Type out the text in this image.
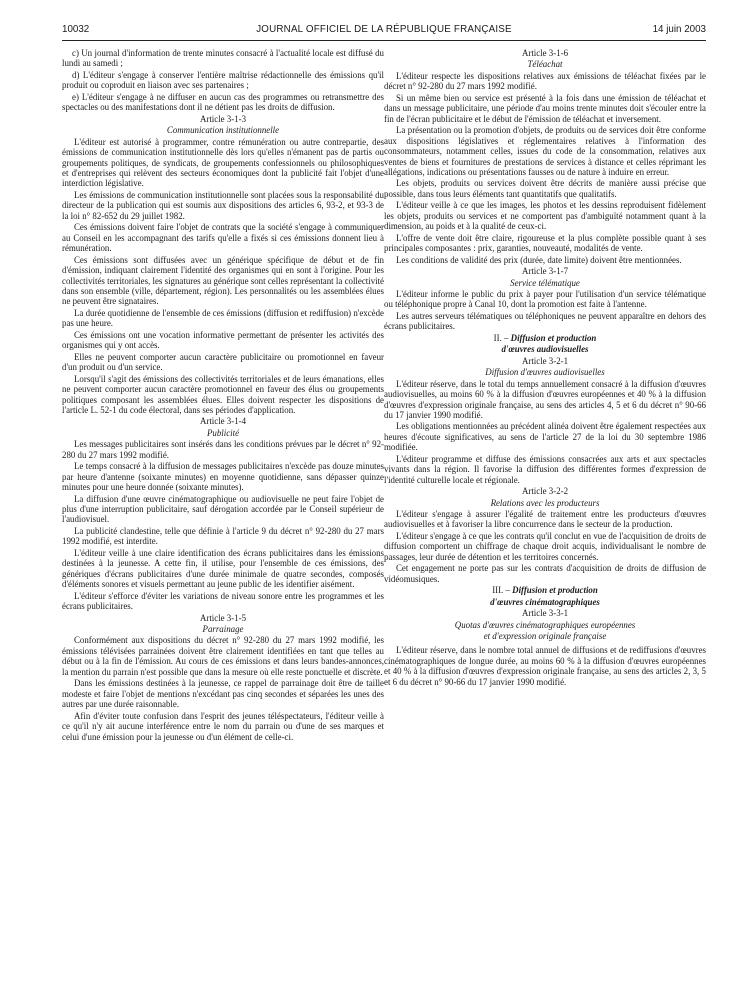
10032	JOURNAL OFFICIEL DE LA RÉPUBLIQUE FRANÇAISE	14 juin 2003

c) Un journal d'information de trente minutes consacré à l'actualité locale est diffusé du lundi au samedi ;

d) L'éditeur s'engage à conserver l'entière maîtrise rédactionnelle des émissions qu'il produit ou coproduit en liaison avec ses partenaires ;

e) L'éditeur s'engage à ne diffuser en aucun cas des programmes ou retransmettre des spectacles ou des manifestations dont il ne détient pas les droits de diffusion.

Article 3-1-3

Communication institutionnelle

L'éditeur est autorisé à programmer, contre rémunération ou autre contrepartie, des émissions de communication institutionnelle dès lors qu'elles n'émanent pas de partis ou groupements politiques, de syndicats, de groupements confessionnels ou philosophiques et d'entreprises qui relèvent des secteurs économiques dont la publicité fait l'objet d'une interdiction législative.

Les émissions de communication institutionnelle sont placées sous la responsabilité du directeur de la publication qui est soumis aux dispositions des articles 6, 93-2, et 93-3 de la loi n° 82-652 du 29 juillet 1982.

Ces émissions doivent faire l'objet de contrats que la société s'engage à communiquer au Conseil en les accompagnant des tarifs qu'elle a fixés si ces émissions donnent lieu à rémunération.

Ces émissions sont diffusées avec un générique spécifique de début et de fin d'émission, indiquant clairement l'identité des organismes qui en sont à l'origine. Pour les collectivités territoriales, les signatures au générique sont celles représentant la collectivité dans son ensemble (ville, département, région). Les personnalités ou les assemblées élues ne peuvent être signataires.

La durée quotidienne de l'ensemble de ces émissions (diffusion et rediffusion) n'excède pas une heure.

Ces émissions ont une vocation informative permettant de présenter les activités des organismes qui y ont accès.

Elles ne peuvent comporter aucun caractère publicitaire ou promotionnel en faveur d'un produit ou d'un service.

Lorsqu'il s'agit des émissions des collectivités territoriales et de leurs émanations, elles ne peuvent comporter aucun caractère promotionnel en faveur des élus ou groupements politiques composant les assemblées élues. Elles doivent respecter les dispositions de l'article L. 52-1 du code électoral, dans ses périodes d'application.

Article 3-1-4

Publicité

Les messages publicitaires sont insérés dans les conditions prévues par le décret n° 92-280 du 27 mars 1992 modifié.

Le temps consacré à la diffusion de messages publicitaires n'excède pas douze minutes par heure d'antenne (soixante minutes) en moyenne quotidienne, sans dépasser quinze minutes pour une heure donnée (soixante minutes).

La diffusion d'une œuvre cinématographique ou audiovisuelle ne peut faire l'objet de plus d'une interruption publicitaire, sauf dérogation accordée par le Conseil supérieur de l'audiovisuel.

La publicité clandestine, telle que définie à l'article 9 du décret n° 92-280 du 27 mars 1992 modifié, est interdite.

L'éditeur veille à une claire identification des écrans publicitaires dans les émissions destinées à la jeunesse. A cette fin, il utilise, pour l'ensemble de ces émissions, des génériques d'écrans publicitaires d'une durée minimale de quatre secondes, composés d'éléments sonores et visuels permettant au jeune public de les identifier aisément.

L'éditeur s'efforce d'éviter les variations de niveau sonore entre les programmes et les écrans publicitaires.

Article 3-1-5

Parrainage

Conformément aux dispositions du décret n° 92-280 du 27 mars 1992 modifié, les émissions télévisées parrainées doivent être clairement identifiées en tant que telles au début ou à la fin de l'émission. Au cours de ces émissions et dans leurs bandes-annonces, la mention du parrain n'est possible que dans la mesure où elle reste ponctuelle et discrète.

Dans les émissions destinées à la jeunesse, ce rappel de parrainage doit être de taille modeste et faire l'objet de mentions n'excédant pas cinq secondes et séparées les unes des autres par une durée raisonnable.

Afin d'éviter toute confusion dans l'esprit des jeunes téléspectateurs, l'éditeur veille à ce qu'il n'y ait aucune interférence entre le nom du parrain ou d'une de ses marques et celui d'une émission pour la jeunesse ou d'un élément de celle-ci.

Article 3-1-6

Téléachat

L'éditeur respecte les dispositions relatives aux émissions de téléachat fixées par le décret n° 92-280 du 27 mars 1992 modifié.

Si un même bien ou service est présenté à la fois dans une émission de téléachat et dans un message publicitaire, une période d'au moins trente minutes doit s'écouler entre la fin de l'écran publicitaire et le début de l'émission de téléachat et inversement.

La présentation ou la promotion d'objets, de produits ou de services doit être conforme aux dispositions législatives et réglementaires relatives à l'information des consommateurs, notamment celles, issues du code de la consommation, relatives aux ventes de biens et fournitures de prestations de services à distance et celles réprimant les allégations, indications ou présentations fausses ou de nature à induire en erreur.

Les objets, produits ou services doivent être décrits de manière aussi précise que possible, dans tous leurs éléments tant quantitatifs que qualitatifs.

L'éditeur veille à ce que les images, les photos et les dessins reproduisent fidèlement les objets, produits ou services et ne comportent pas d'ambiguïté notamment quant à la dimension, au poids et à la qualité de ceux-ci.

L'offre de vente doit être claire, rigoureuse et la plus complète possible quant à ses principales composantes : prix, garanties, nouveauté, modalités de vente.

Les conditions de validité des prix (durée, date limite) doivent être mentionnées.

Article 3-1-7

Service télématique

L'éditeur informe le public du prix à payer pour l'utilisation d'un service télématique ou téléphonique propre à Canal 10, dont la promotion est faite à l'antenne.

Les autres serveurs télématiques ou téléphoniques ne peuvent apparaître en dehors des écrans publicitaires.

II. – Diffusion et production

d'œuvres audiovisuelles

Article 3-2-1

Diffusion d'œuvres audiovisuelles

L'éditeur réserve, dans le total du temps annuellement consacré à la diffusion d'œuvres audiovisuelles, au moins 60 % à la diffusion d'œuvres européennes et 40 % à la diffusion d'œuvres d'expression originale française, au sens des articles 4, 5 et 6 du décret n° 90-66 du 17 janvier 1990 modifié.

Les obligations mentionnées au précédent alinéa doivent être également respectées aux heures d'écoute significatives, au sens de l'article 27 de la loi du 30 septembre 1986 modifiée.

L'éditeur programme et diffuse des émissions consacrées aux arts et aux spectacles vivants dans la région. Il favorise la diffusion des différentes formes d'expression de l'identité culturelle locale et régionale.

Article 3-2-2

Relations avec les producteurs

L'éditeur s'engage à assurer l'égalité de traitement entre les producteurs d'œuvres audiovisuelles et à favoriser la libre concurrence dans le secteur de la production.

L'éditeur s'engage à ce que les contrats qu'il conclut en vue de l'acquisition de droits de diffusion comportent un chiffrage de chaque droit acquis, individualisant le nombre de passages, leur durée de détention et les territoires concernés.

Cet engagement ne porte pas sur les contrats d'acquisition de droits de diffusion de vidéomusiques.

III. – Diffusion et production

d'œuvres cinématographiques

Article 3-3-1

Quotas d'œuvres cinématographiques européennes

et d'expression originale française

L'éditeur réserve, dans le nombre total annuel de diffusions et de rediffusions d'œuvres cinématographiques de longue durée, au moins 60 % à la diffusion d'œuvres européennes et 40 % à la diffusion d'œuvres d'expression originale française, au sens des articles 2, 3, 5 et 6 du décret n° 90-66 du 17 janvier 1990 modifié.
